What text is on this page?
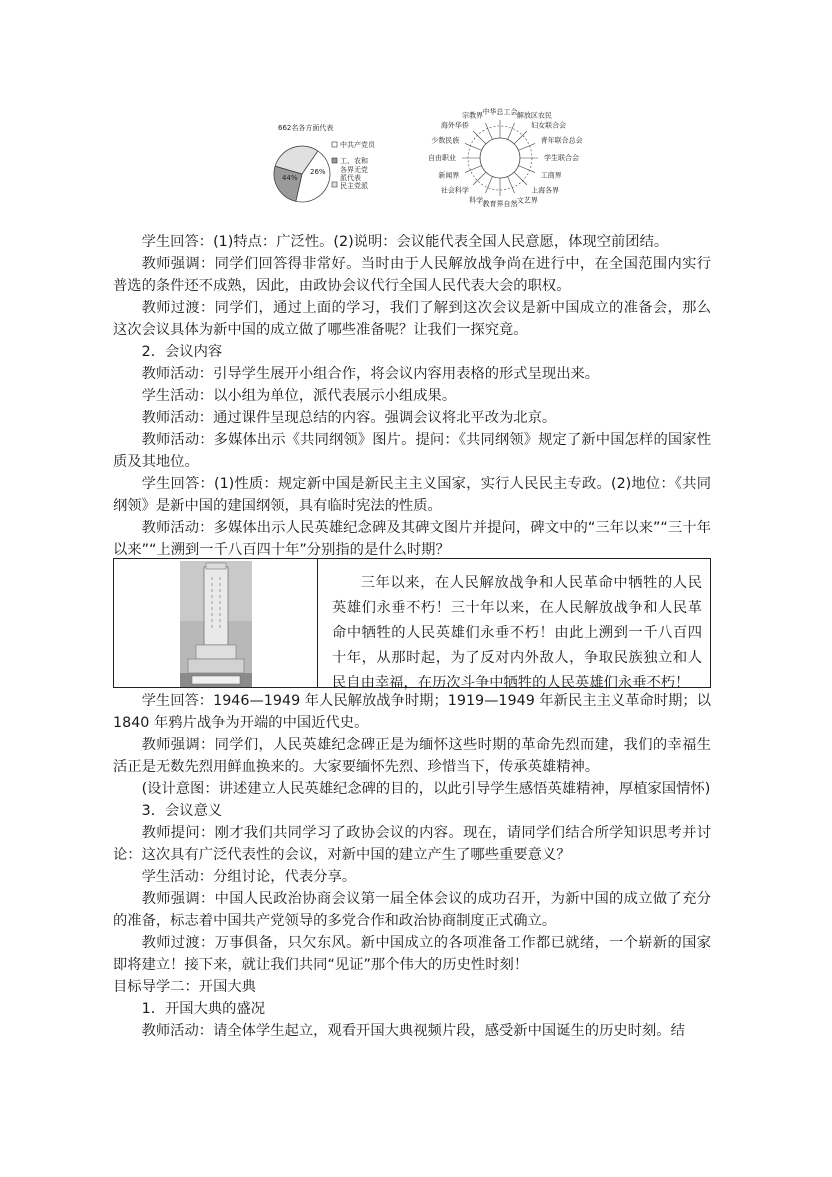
662名各方面代表
44%
26%
中共产党员
工、农和
各界无党
派代表
民主党派
中华总工会 解放区农民
妇女联合会
青年联合总会
学生联合会
工商界
上海各界
文艺界
教育界自然
科学
社会科学
新闻界
自由职业
少数民族
海外华侨
宗教界

学生回答：(1)特点：广泛性。(2)说明：会议能代表全国人民意愿，体现空前团结。

教师强调：同学们回答得非常好。当时由于人民解放战争尚在进行中，在全国范围内实行普选的条件还不成熟，因此，由政协会议代行全国人民代表大会的职权。

教师过渡：同学们，通过上面的学习，我们了解到这次会议是新中国成立的准备会，那么这次会议具体为新中国的成立做了哪些准备呢？让我们一探究竟。

2．会议内容

教师活动：引导学生展开小组合作，将会议内容用表格的形式呈现出来。

学生活动：以小组为单位，派代表展示小组成果。

教师活动：通过课件呈现总结的内容。强调会议将北平改为北京。

教师活动：多媒体出示《共同纲领》图片。提问：《共同纲领》规定了新中国怎样的国家性质及其地位。

学生回答：(1)性质：规定新中国是新民主主义国家，实行人民民主专政。(2)地位：《共同纲领》是新中国的建国纲领，具有临时宪法的性质。

教师活动：多媒体出示人民英雄纪念碑及其碑文图片并提问，碑文中的“三年以来”“三十年以来”“上溯到一千八百四十年”分别指的是什么时期？

三年以来，在人民解放战争和人民革命中牺牲的人民英雄们永垂不朽！三十年以来，在人民解放战争和人民革命中牺牲的人民英雄们永垂不朽！由此上溯到一千八百四十年，从那时起，为了反对内外敌人，争取民族独立和人民自由幸福，在历次斗争中牺牲的人民英雄们永垂不朽！

学生回答：1946—1949 年人民解放战争时期；1919—1949 年新民主主义革命时期；以 1840 年鸦片战争为开端的中国近代史。

教师强调：同学们，人民英雄纪念碑正是为缅怀这些时期的革命先烈而建，我们的幸福生活正是无数先烈用鲜血换来的。大家要缅怀先烈、珍惜当下，传承英雄精神。

(设计意图：讲述建立人民英雄纪念碑的目的，以此引导学生感悟英雄精神，厚植家国情怀)

3．会议意义

教师提问：刚才我们共同学习了政协会议的内容。现在，请同学们结合所学知识思考并讨论：这次具有广泛代表性的会议，对新中国的建立产生了哪些重要意义？

学生活动：分组讨论，代表分享。

教师强调：中国人民政治协商会议第一届全体会议的成功召开，为新中国的成立做了充分的准备，标志着中国共产党领导的多党合作和政治协商制度正式确立。

教师过渡：万事俱备，只欠东风。新中国成立的各项准备工作都已就绪，一个崭新的国家即将建立！接下来，就让我们共同“见证”那个伟大的历史性时刻！

目标导学二：开国大典

1．开国大典的盛况

教师活动：请全体学生起立，观看开国大典视频片段，感受新中国诞生的历史时刻。结
